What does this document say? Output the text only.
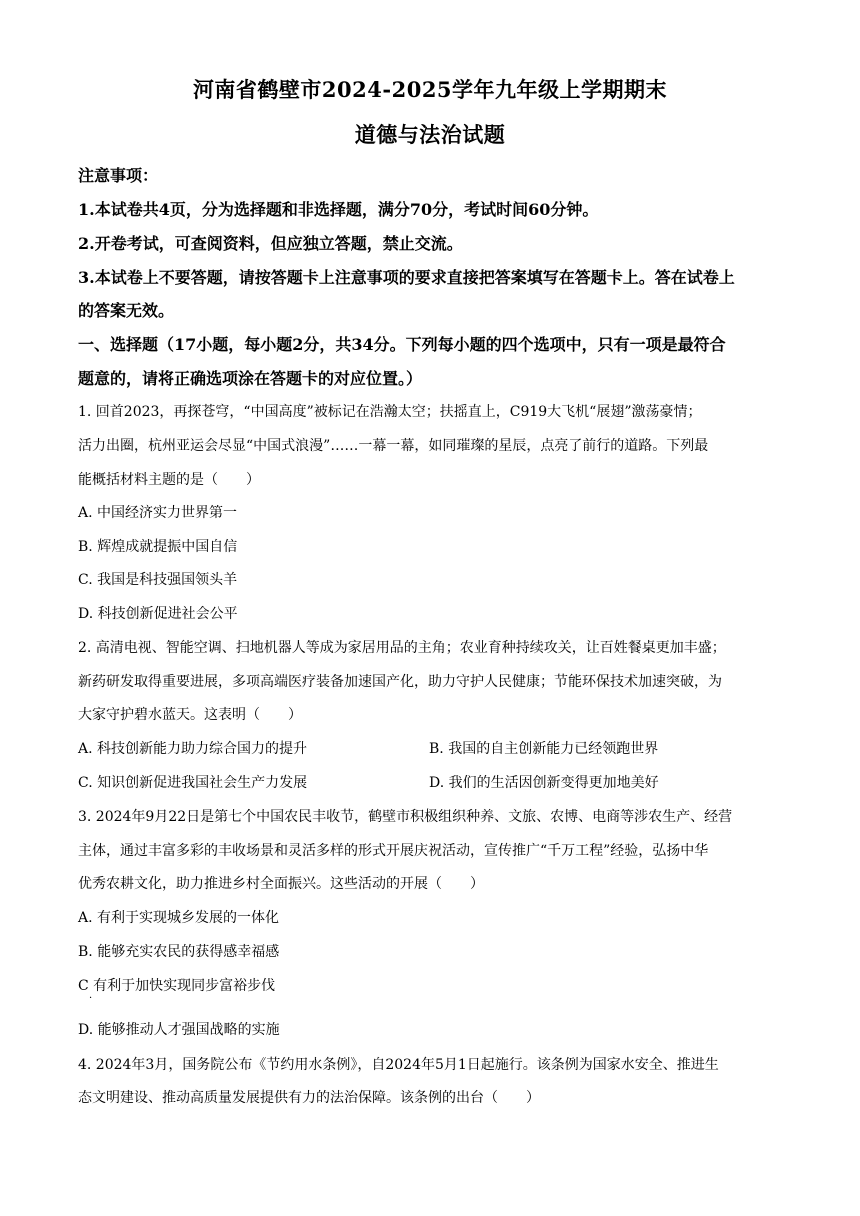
河南省鹤壁市2024-2025学年九年级上学期期末
道德与法治试题
注意事项：
1.本试卷共4页，分为选择题和非选择题，满分70分，考试时间60分钟。
2.开卷考试，可查阅资料，但应独立答题，禁止交流。
3.本试卷上不要答题，请按答题卡上注意事项的要求直接把答案填写在答题卡上。答在试卷上
的答案无效。
一、选择题（17小题，每小题2分，共34分。下列每小题的四个选项中，只有一项是最符合
题意的，请将正确选项涂在答题卡的对应位置。）
1. 回首2023，再探苍穹，“中国高度”被标记在浩瀚太空；扶摇直上，C919大飞机“展翅”激荡豪情；
活力出圈，杭州亚运会尽显“中国式浪漫”……一幕一幕，如同璀璨的星辰，点亮了前行的道路。下列最
能概括材料主题的是（　　）
A. 中国经济实力世界第一
B. 辉煌成就提振中国自信
C. 我国是科技强国领头羊
D. 科技创新促进社会公平
2. 高清电视、智能空调、扫地机器人等成为家居用品的主角；农业育种持续攻关，让百姓餐桌更加丰盛；
新药研发取得重要进展，多项高端医疗装备加速国产化，助力守护人民健康；节能环保技术加速突破，为
大家守护碧水蓝天。这表明（　　）
A. 科技创新能力助力综合国力的提升	B. 我国的自主创新能力已经领跑世界
C. 知识创新促进我国社会生产力发展	D. 我们的生活因创新变得更加地美好
3. 2024年9月22日是第七个中国农民丰收节，鹤壁市积极组织种养、文旅、农博、电商等涉农生产、经营
主体，通过丰富多彩的丰收场景和灵活多样的形式开展庆祝活动，宣传推广“千万工程”经验，弘扬中华
优秀农耕文化，助力推进乡村全面振兴。这些活动的开展（　　）
A. 有利于实现城乡发展的一体化
B. 能够充实农民的获得感幸福感
C 有利于加快实现同步富裕步伐
·
D. 能够推动人才强国战略的实施
4. 2024年3月，国务院公布《节约用水条例》，自2024年5月1日起施行。该条例为国家水安全、推进生
态文明建设、推动高质量发展提供有力的法治保障。该条例的出台（　　）
